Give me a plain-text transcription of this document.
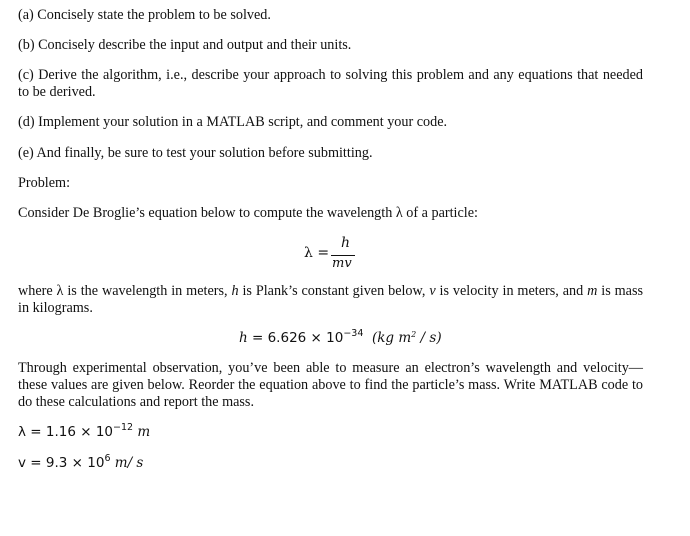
(a) Concisely state the problem to be solved.
(b) Concisely describe the input and output and their units.
(c) Derive the algorithm, i.e., describe your approach to solving this problem and any equations that needed to be derived.
(d) Implement your solution in a MATLAB script, and comment your code.
(e) And finally, be sure to test your solution before submitting.
Problem:
Consider De Broglie’s equation below to compute the wavelength λ of a particle:
λ =
h
mv
where λ is the wavelength in meters, h is Plank’s constant given below, v is velocity in meters, and m is mass in kilograms.
$h = 6.626 \times 10^{-34}$ (kg $m^2 / s$)
Through experimental observation, you’ve been able to measure an electron’s wavelength and velocity—these values are given below. Reorder the equation above to find the particle’s mass. Write MATLAB code to do these calculations and report the mass.
$\lambda = 1.16 \times 10^{-12}$ m
$v = 9.3 \times 10^6$ m/ s
